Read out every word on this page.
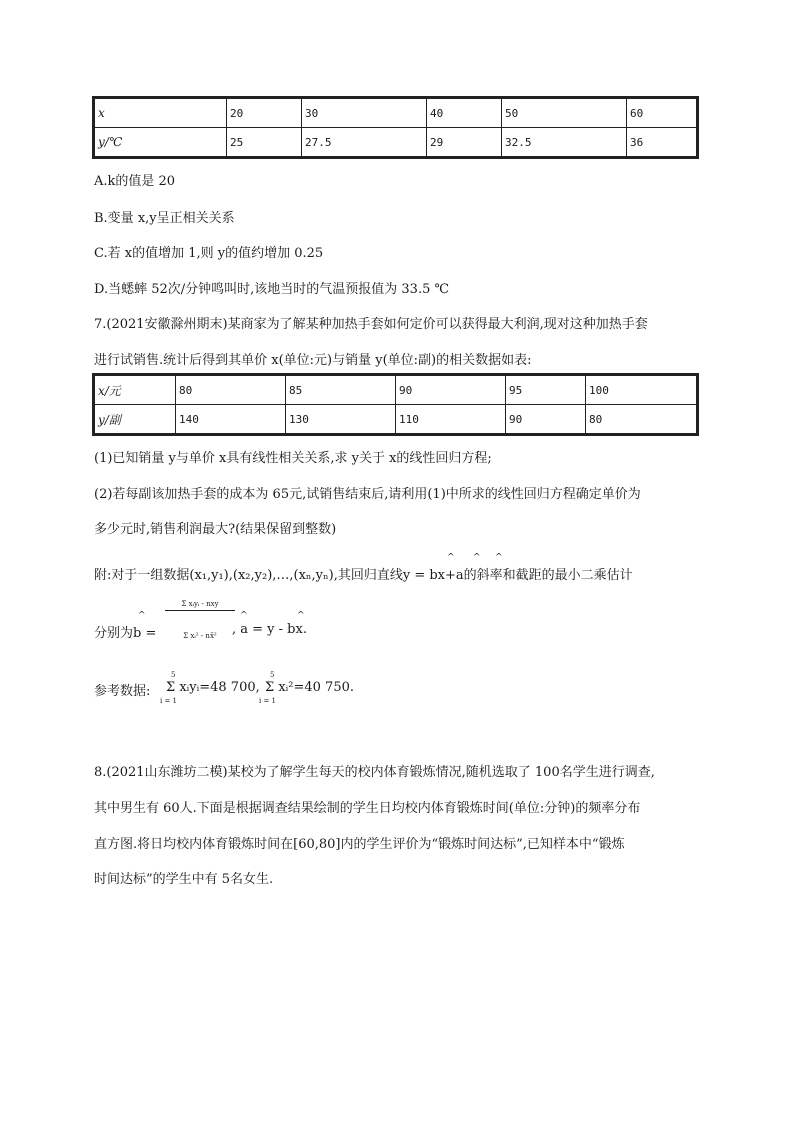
x	20	30	40	50	60
y/℃	25	27.5	29	32.5	36
A.k的值是 20
B.变量 x,y呈正相关关系
C.若 x的值增加 1,则 y的值约增加 0.25
D.当蟋蟀 52次/分钟鸣叫时,该地当时的气温预报值为 33.5 ℃
7.(2021安徽滁州期末)某商家为了解某种加热手套如何定价可以获得最大利润,现对这种加热手套
进行试销售.统计后得到其单价 x(单位:元)与销量 y(单位:副)的相关数据如表:
x/元	80	85	90	95	100
y/副	140	130	110	90	80
(1)已知销量 y与单价 x具有线性相关关系,求 y关于 x的线性回归方程;
(2)若每副该加热手套的成本为 65元,试销售结束后,请利用(1)中所求的线性回归方程确定单价为
多少元时,销售利润最大?(结果保留到整数)
附:对于一组数据(x₁,y₁),(x₂,y₂),…,(xₙ,yₙ),其回归直线y = bx+a的斜率和截距的最小二乘估计
^ ^ ^
分别为b =
^
Σ xᵢyᵢ - nxy
Σ xᵢ² - nx̄²	, a = y - bx.
^	^
参考数据:
5
Σ xᵢyᵢ=48 700,
i = 1
5
Σ xᵢ²=40 750.
i = 1
8.(2021山东潍坊二模)某校为了解学生每天的校内体育锻炼情况,随机选取了 100名学生进行调查,
其中男生有 60人.下面是根据调查结果绘制的学生日均校内体育锻炼时间(单位:分钟)的频率分布
直方图.将日均校内体育锻炼时间在[60,80]内的学生评价为“锻炼时间达标”,已知样本中“锻炼
时间达标”的学生中有 5名女生.
